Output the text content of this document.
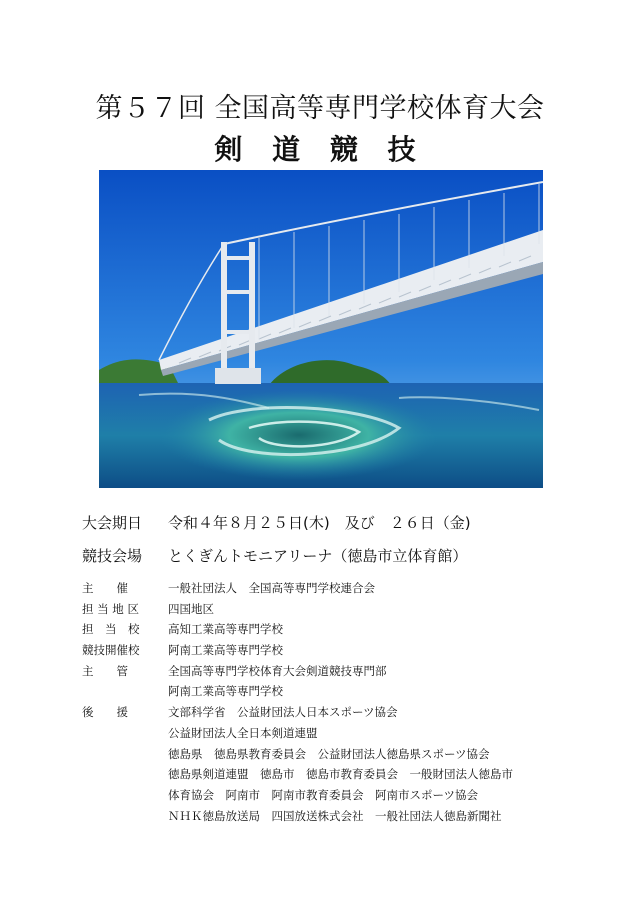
第５７回 全国高等専門学校体育大会
剣 道 競 技
大会期日 令和４年８月２５日(木)　及び　２６日（金)
競技会場 とくぎんトモニアリーナ（徳島市立体育館）
主　　催	一般社団法人　全国高等専門学校連合会
担 当 地 区	四国地区
担　当　校	高知工業高等専門学校
競技開催校	阿南工業高等専門学校
主　　管	全国高等専門学校体育大会剣道競技専門部
阿南工業高等専門学校
後　　援	文部科学省　公益財団法人日本スポーツ協会
公益財団法人全日本剣道連盟
徳島県　徳島県教育委員会　公益財団法人徳島県スポーツ協会
徳島県剣道連盟　徳島市　徳島市教育委員会　一般財団法人徳島市
体育協会　阿南市　阿南市教育委員会　阿南市スポーツ協会
ＮＨＫ徳島放送局　四国放送株式会社　一般社団法人徳島新聞社
